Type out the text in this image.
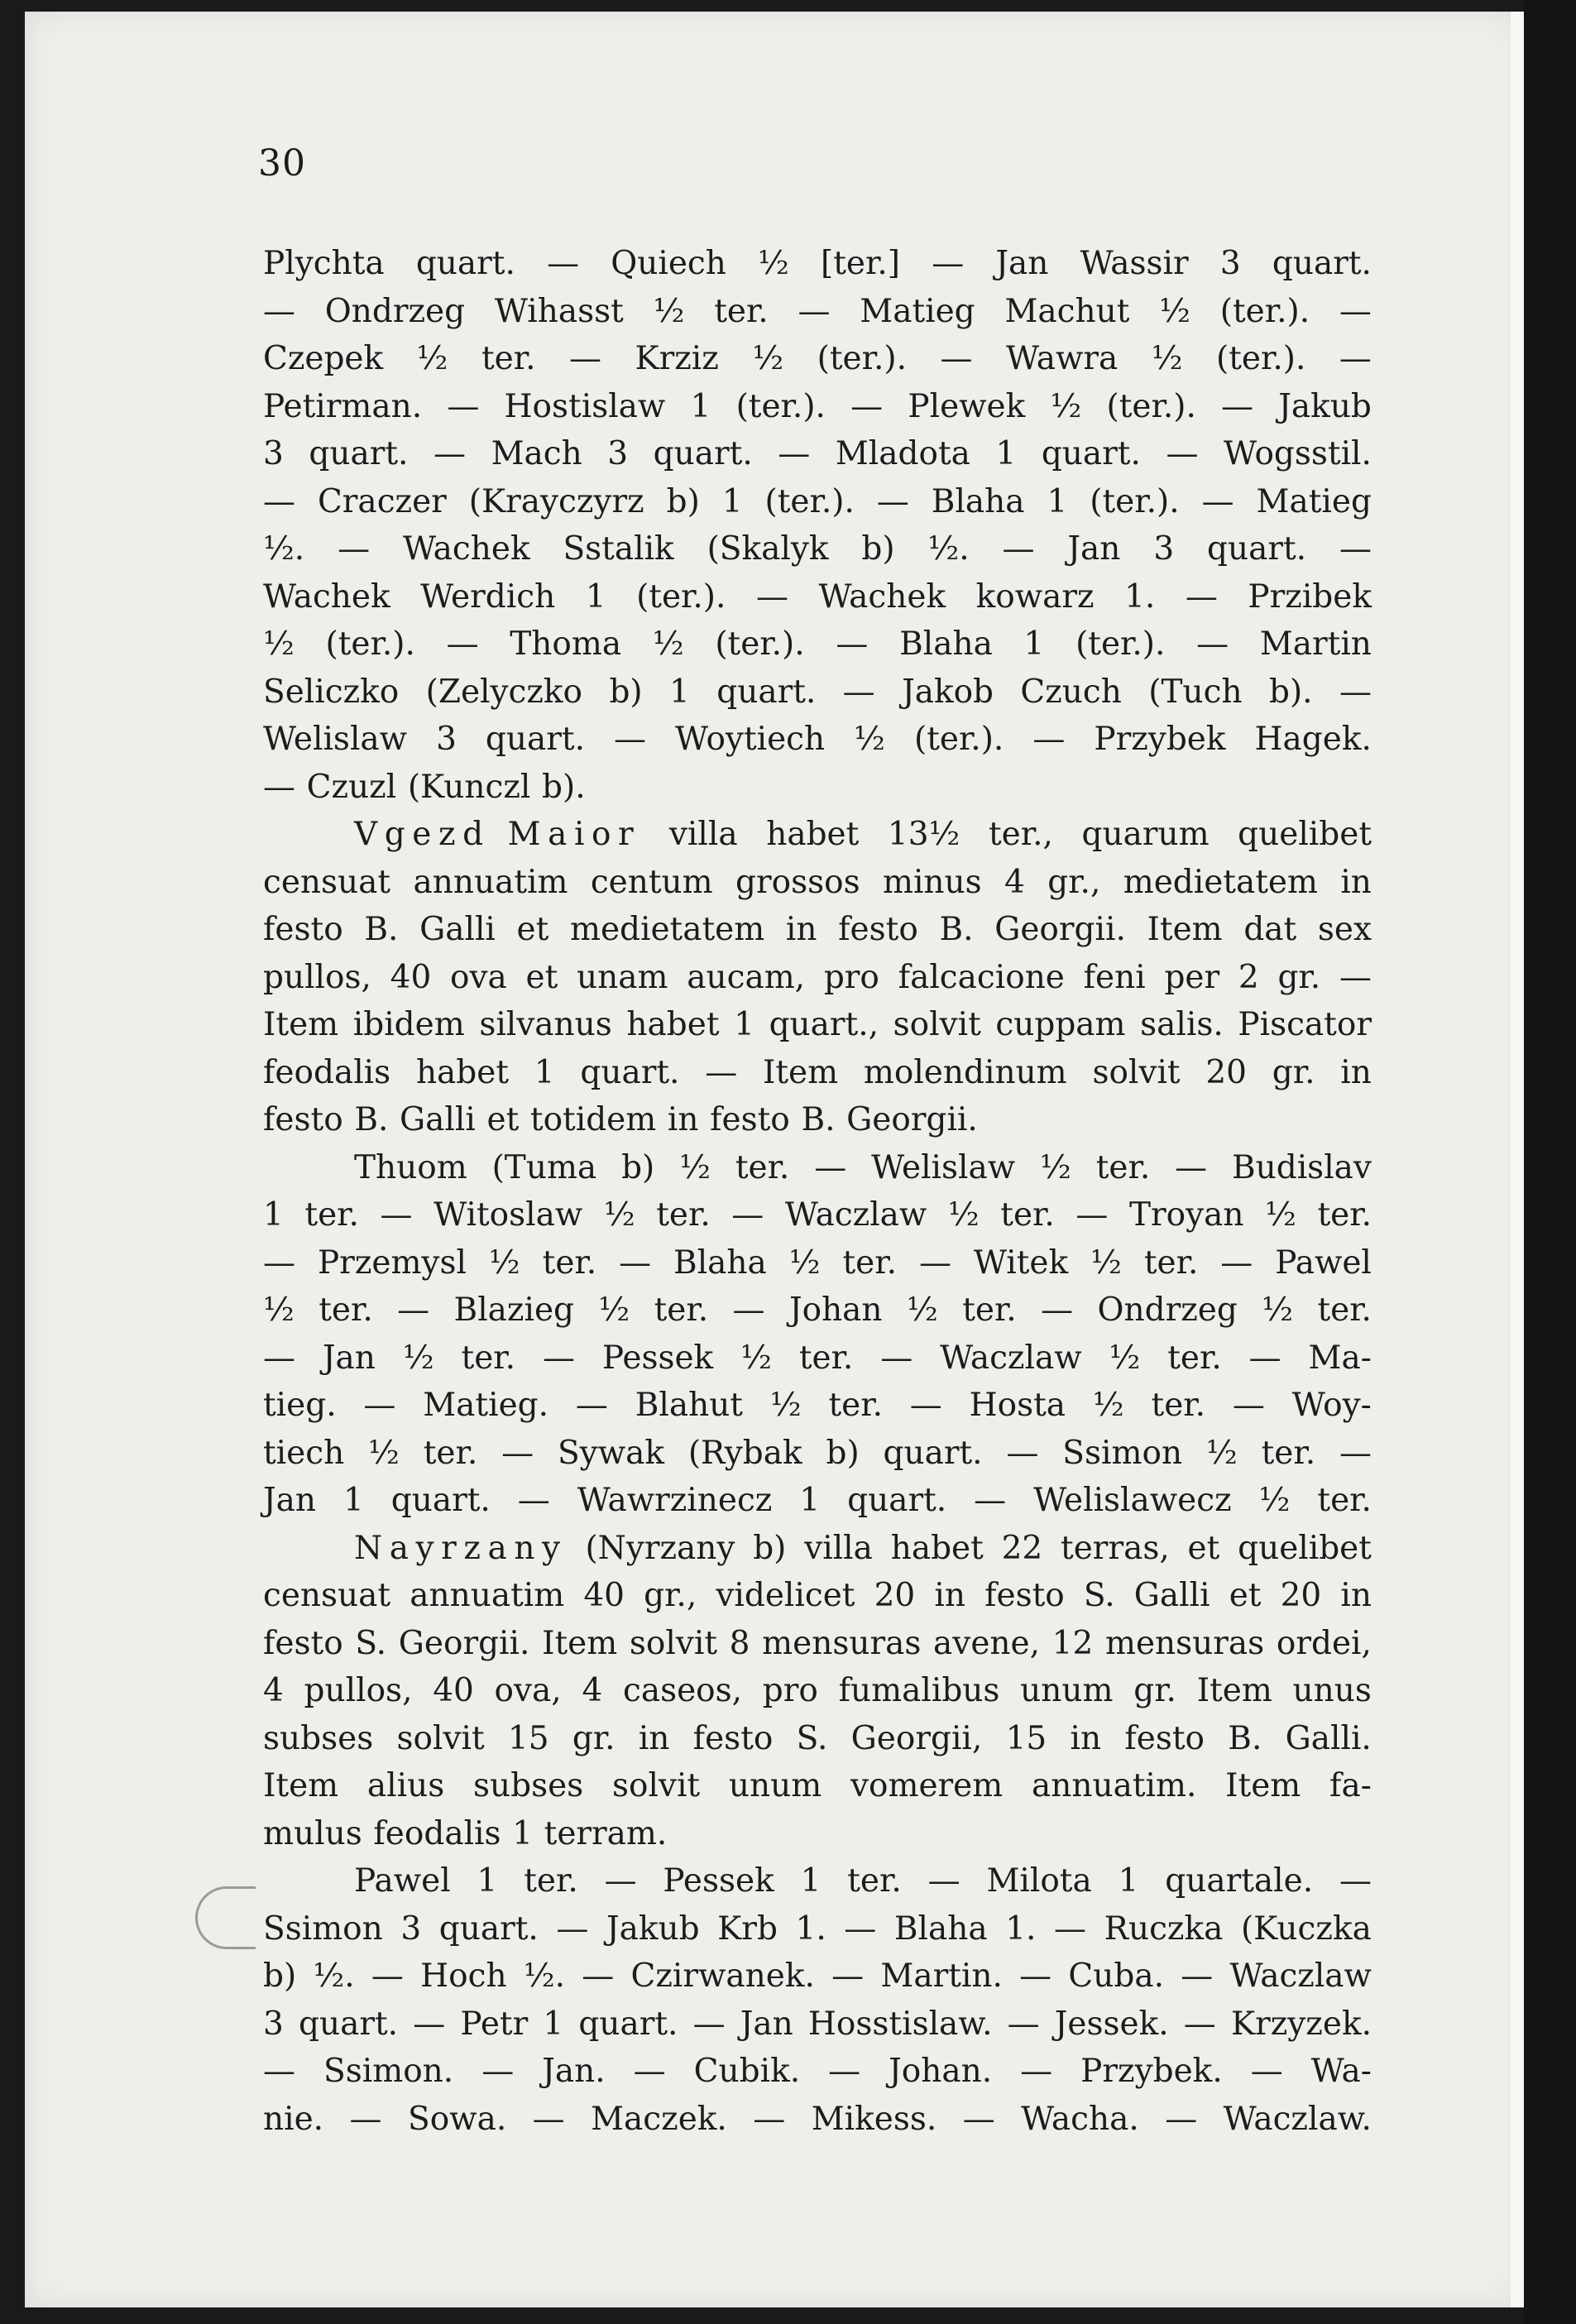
30
Plychta quart. — Quiech ½ [ter.] — Jan Wassir 3 quart.
— Ondrzeg Wihasst ½ ter. — Matieg Machut ½ (ter.). —
Czepek ½ ter. — Krziz ½ (ter.). — Wawra ½ (ter.). —
Petirman. — Hostislaw 1 (ter.). — Plewek ½ (ter.). — Jakub
3 quart. — Mach 3 quart. — Mladota 1 quart. — Wogsstil.
— Craczer (Krayczyrz b) 1 (ter.). — Blaha 1 (ter.). — Matieg
½. — Wachek Sstalik (Skalyk b) ½. — Jan 3 quart. —
Wachek Werdich 1 (ter.). — Wachek kowarz 1. — Przibek
½ (ter.). — Thoma ½ (ter.). — Blaha 1 (ter.). — Martin
Seliczko (Zelyczko b) 1 quart. — Jakob Czuch (Tuch b). —
Welislaw 3 quart. — Woytiech ½ (ter.). — Przybek Hagek.
— Czuzl (Kunczl b).
Vgezd Maior villa habet 13½ ter., quarum quelibet
censuat annuatim centum grossos minus 4 gr., medietatem in
festo B. Galli et medietatem in festo B. Georgii. Item dat sex
pullos, 40 ova et unam aucam, pro falcacione feni per 2 gr. —
Item ibidem silvanus habet 1 quart., solvit cuppam salis. Piscator
feodalis habet 1 quart. — Item molendinum solvit 20 gr. in
festo B. Galli et totidem in festo B. Georgii.
Thuom (Tuma b) ½ ter. — Welislaw ½ ter. — Budislav
1 ter. — Witoslaw ½ ter. — Waczlaw ½ ter. — Troyan ½ ter.
— Przemysl ½ ter. — Blaha ½ ter. — Witek ½ ter. — Pawel
½ ter. — Blazieg ½ ter. — Johan ½ ter. — Ondrzeg ½ ter.
— Jan ½ ter. — Pessek ½ ter. — Waczlaw ½ ter. — Ma-
tieg. — Matieg. — Blahut ½ ter. — Hosta ½ ter. — Woy-
tiech ½ ter. — Sywak (Rybak b) quart. — Ssimon ½ ter. —
Jan 1 quart. — Wawrzinecz 1 quart. — Welislawecz ½ ter.
Nayrzany (Nyrzany b) villa habet 22 terras, et quelibet
censuat annuatim 40 gr., videlicet 20 in festo S. Galli et 20 in
festo S. Georgii. Item solvit 8 mensuras avene, 12 mensuras ordei,
4 pullos, 40 ova, 4 caseos, pro fumalibus unum gr. Item unus
subses solvit 15 gr. in festo S. Georgii, 15 in festo B. Galli.
Item alius subses solvit unum vomerem annuatim. Item fa-
mulus feodalis 1 terram.
Pawel 1 ter. — Pessek 1 ter. — Milota 1 quartale. —
Ssimon 3 quart. — Jakub Krb 1. — Blaha 1. — Ruczka (Kuczka
b) ½. — Hoch ½. — Czirwanek. — Martin. — Cuba. — Waczlaw
3 quart. — Petr 1 quart. — Jan Hosstislaw. — Jessek. — Krzyzek.
— Ssimon. — Jan. — Cubik. — Johan. — Przybek. — Wa-
nie. — Sowa. — Maczek. — Mikess. — Wacha. — Waczlaw.
